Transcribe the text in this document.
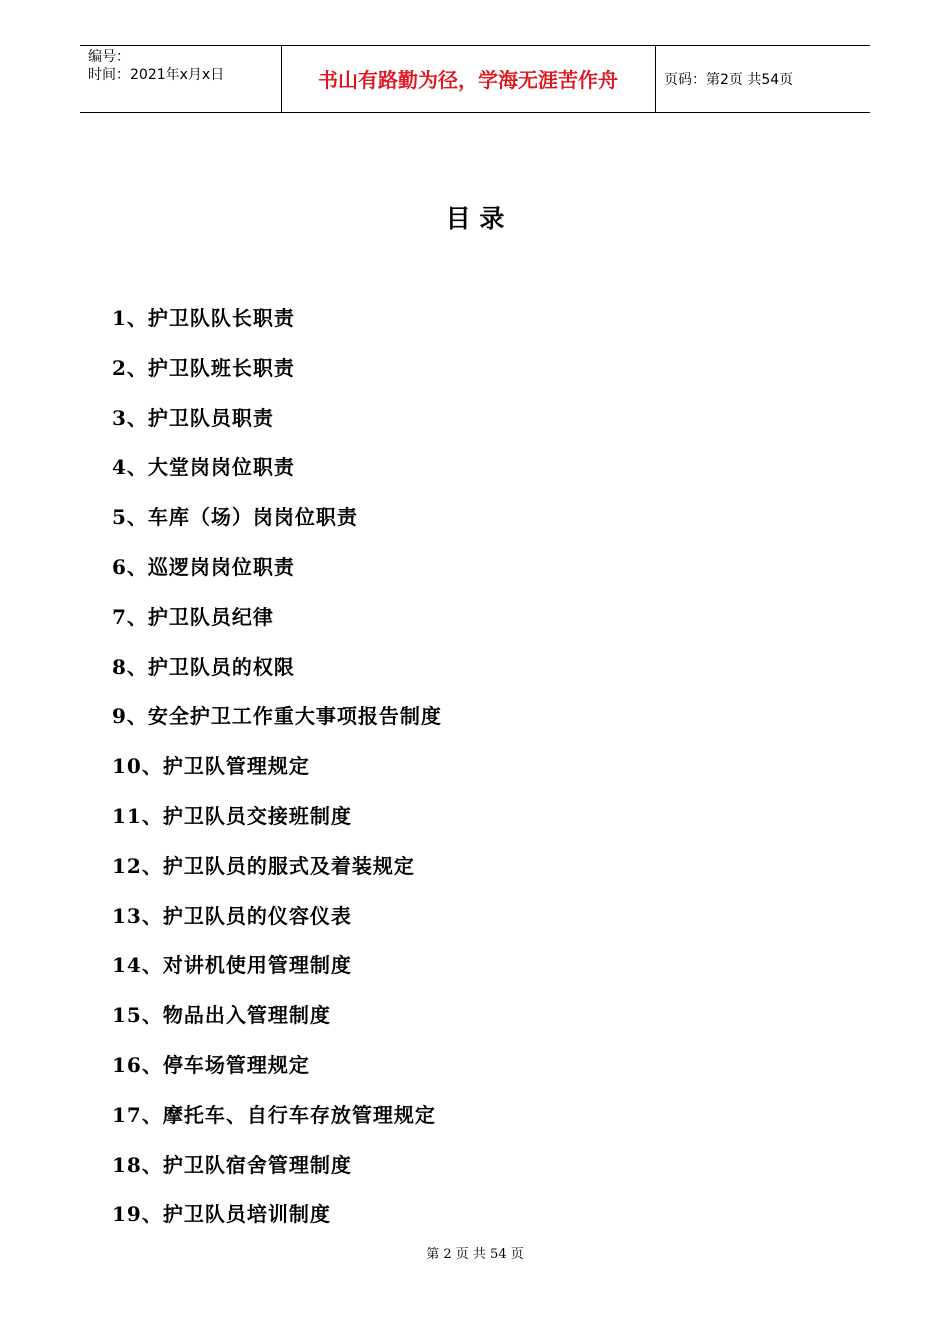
编号：
时间：2021年x月x日	书山有路勤为径，学海无涯苦作舟	页码：第2页 共54页
目 录
1、护卫队队长职责
2、护卫队班长职责
3、护卫队员职责
4、大堂岗岗位职责
5、车库（场）岗岗位职责
6、巡逻岗岗位职责
7、护卫队员纪律
8、护卫队员的权限
9、安全护卫工作重大事项报告制度
10、护卫队管理规定
11、护卫队员交接班制度
12、护卫队员的服式及着装规定
13、护卫队员的仪容仪表
14、对讲机使用管理制度
15、物品出入管理制度
16、停车场管理规定
17、摩托车、自行车存放管理规定
18、护卫队宿舍管理制度
19、护卫队员培训制度
第 2 页 共 54 页
